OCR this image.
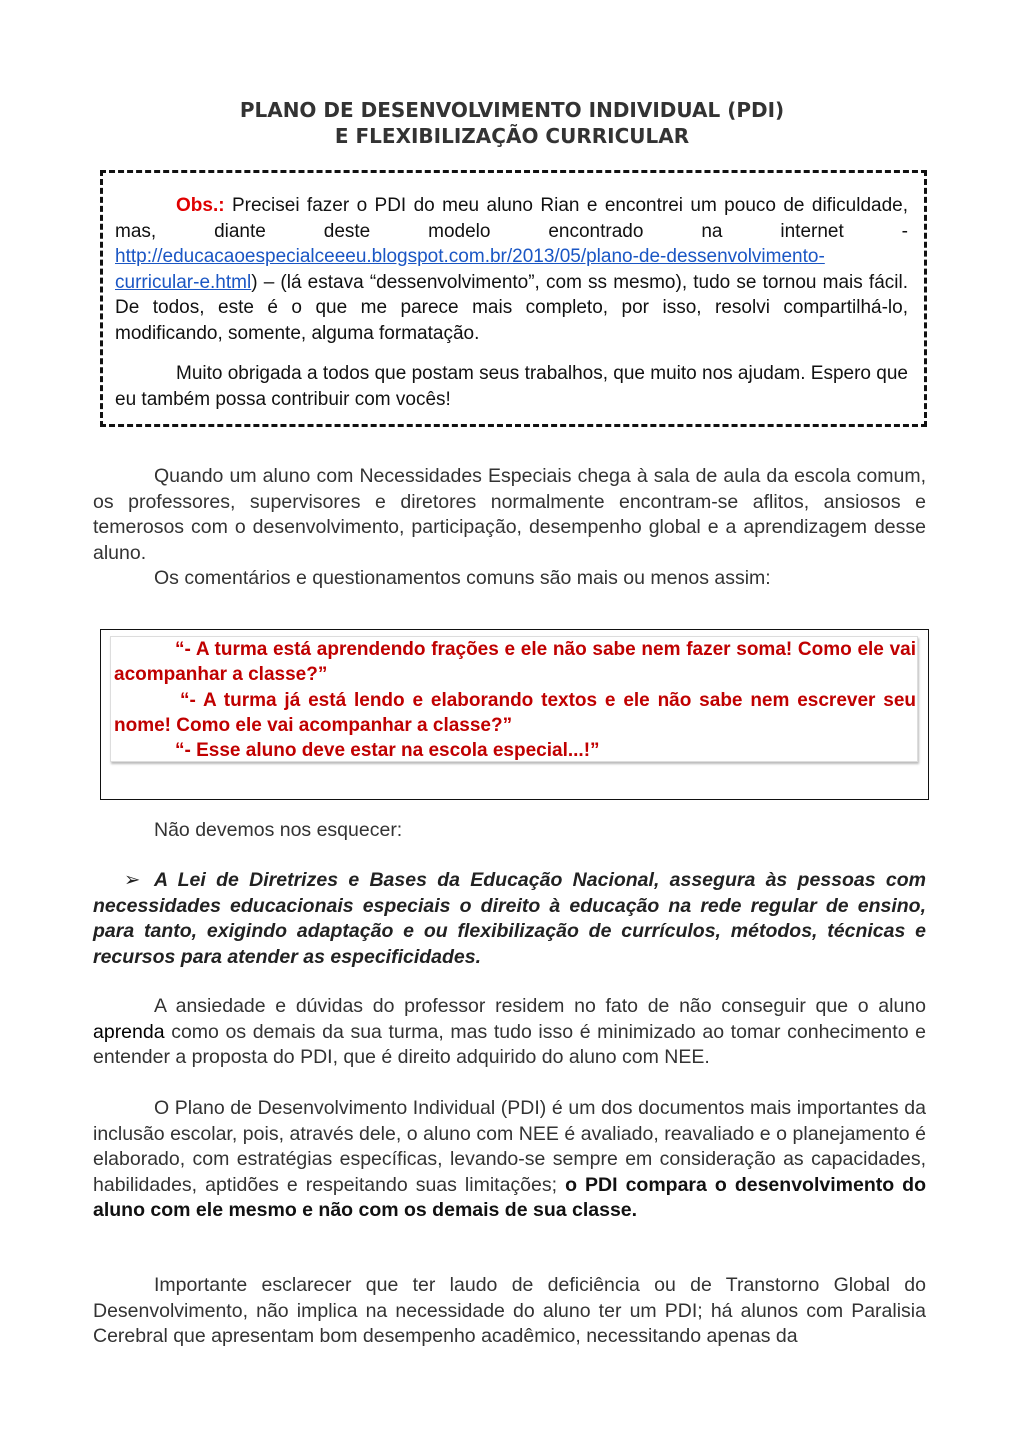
PLANO DE DESENVOLVIMENTO INDIVIDUAL (PDI)
E FLEXIBILIZAÇÃO CURRICULAR
Obs.: Precisei fazer o PDI do meu aluno Rian e encontrei um pouco de dificuldade, mas, diante deste modelo encontrado na internet - http://educacaoespecialceeeu.blogspot.com.br/2013/05/plano-de-dessenvolvimento-curricular-e.html) – (lá estava “dessenvolvimento”, com ss mesmo), tudo se tornou mais fácil. De todos, este é o que me parece mais completo, por isso, resolvi compartilhá-lo, modificando, somente, alguma formatação.
Muito obrigada a todos que postam seus trabalhos, que muito nos ajudam. Espero que eu também possa contribuir com vocês!
Quando um aluno com Necessidades Especiais chega à sala de aula da escola comum, os professores, supervisores e diretores normalmente encontram-se aflitos, ansiosos e temerosos com o desenvolvimento, participação, desempenho global e a aprendizagem desse aluno.
Os comentários e questionamentos comuns são mais ou menos assim:
“- A turma está aprendendo frações e ele não sabe nem fazer soma! Como ele vai acompanhar a classe?”
“- A turma já está lendo e elaborando textos e ele não sabe nem escrever seu nome! Como ele vai acompanhar a classe?”
“- Esse aluno deve estar na escola especial...!”
Não devemos nos esquecer:
➢ A Lei de Diretrizes e Bases da Educação Nacional, assegura às pessoas com necessidades educacionais especiais o direito à educação na rede regular de ensino, para tanto, exigindo adaptação e ou flexibilização de currículos, métodos, técnicas e recursos para atender as especificidades.
A ansiedade e dúvidas do professor residem no fato de não conseguir que o aluno aprenda como os demais da sua turma, mas tudo isso é minimizado ao tomar conhecimento e entender a proposta do PDI, que é direito adquirido do aluno com NEE.
O Plano de Desenvolvimento Individual (PDI) é um dos documentos mais importantes da inclusão escolar, pois, através dele, o aluno com NEE é avaliado, reavaliado e o planejamento é elaborado, com estratégias específicas, levando-se sempre em consideração as capacidades, habilidades, aptidões e respeitando suas limitações; o PDI compara o desenvolvimento do aluno com ele mesmo e não com os demais de sua classe.
Importante esclarecer que ter laudo de deficiência ou de Transtorno Global do Desenvolvimento, não implica na necessidade do aluno ter um PDI; há alunos com Paralisia Cerebral que apresentam bom desempenho acadêmico, necessitando apenas da
